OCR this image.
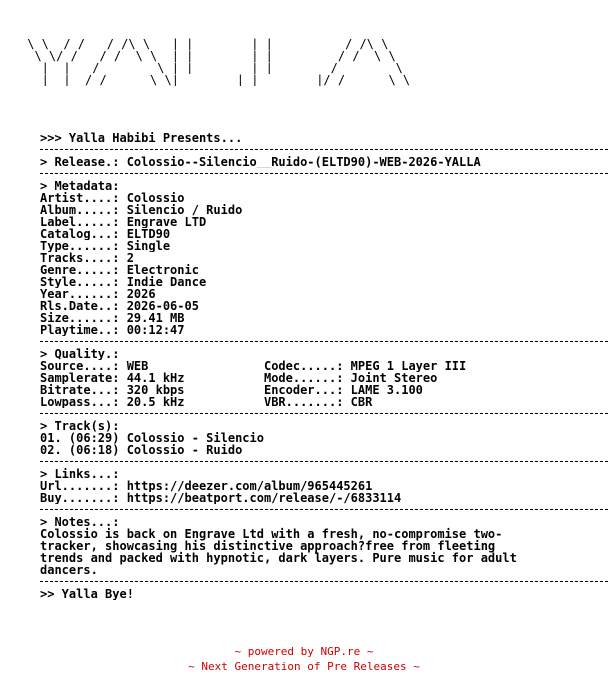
__    __    ______    __          __           ______
\ \  / /   / /\ \   | |        | |          / /\ \
\ \/ /   / /__\ \  | |        | |         / /__\ \
|  |   / ______ \ | |______  | |______  / ______ \
|__|  /_/      \_\|________| |________|/_/      \_\
>>> Yalla Habibi Presents...
> Release.: Colossio--Silencio__Ruido-(ELTD90)-WEB-2026-YALLA
> Metadata:
Artist....: Colossio
Album.....: Silencio / Ruido
Label.....: Engrave LTD
Catalog...: ELTD90
Type......: Single
Tracks....: 2
Genre.....: Electronic
Style.....: Indie Dance
Year......: 2026
Rls.Date..: 2026-06-05
Size......: 29.41 MB
Playtime..: 00:12:47
> Quality.:
Source....: WEB                Codec.....: MPEG 1 Layer III
Samplerate: 44.1 kHz           Mode......: Joint Stereo
Bitrate...: 320 kbps           Encoder...: LAME 3.100
Lowpass...: 20.5 kHz           VBR.......: CBR
> Track(s):
01. (06:29) Colossio - Silencio
02. (06:18) Colossio - Ruido
> Links...:
Url.......: https://deezer.com/album/965445261
Buy.......: https://beatport.com/release/-/6833114
> Notes...:
Colossio is back on Engrave Ltd with a fresh, no-compromise two-
tracker, showcasing his distinctive approach?free from fleeting
trends and packed with hypnotic, dark layers. Pure music for adult
dancers.
>> Yalla Bye!
~ powered by NGP.re ~
~ Next Generation of Pre Releases ~
